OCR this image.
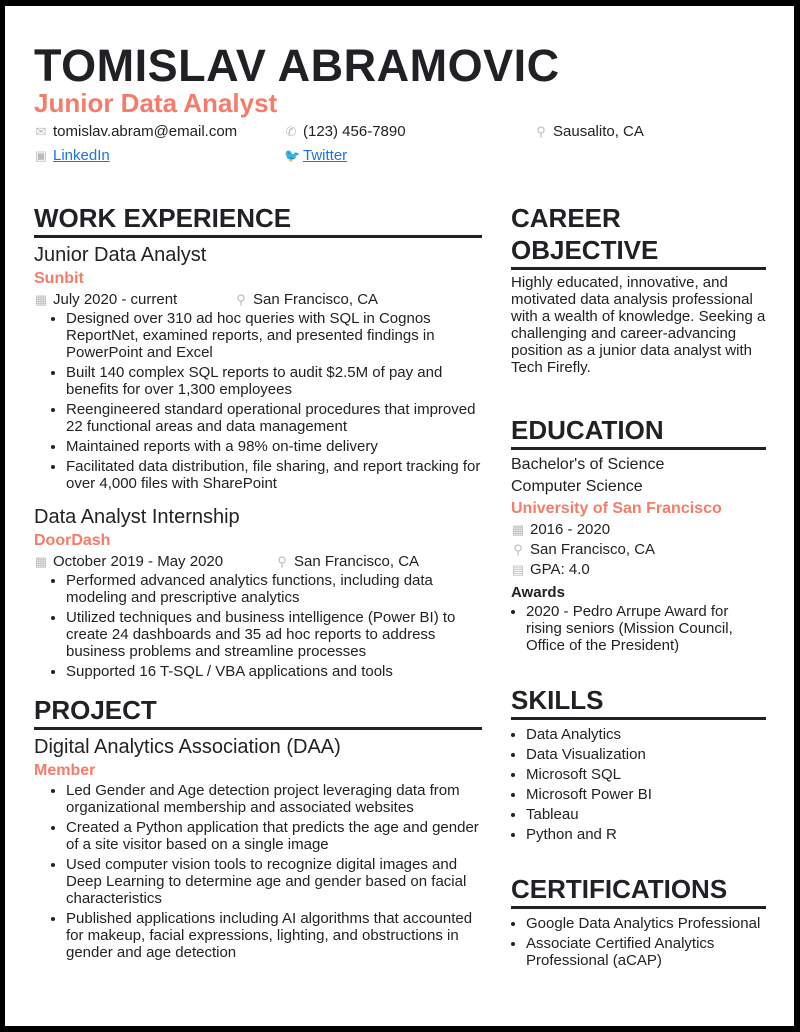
TOMISLAV ABRAMOVIC
Junior Data Analyst
✉ tomislav.abram@email.com	✆ (123) 456-7890	⚲ Sausalito, CA
▣ LinkedIn	🐦 Twitter
WORK EXPERIENCE
Junior Data Analyst
Sunbit
▦ July 2020 - current	⚲ San Francisco, CA
• Designed over 310 ad hoc queries with SQL in Cognos ReportNet, examined reports, and presented findings in PowerPoint and Excel
• Built 140 complex SQL reports to audit $2.5M of pay and benefits for over 1,300 employees
• Reengineered standard operational procedures that improved 22 functional areas and data management
• Maintained reports with a 98% on-time delivery
• Facilitated data distribution, file sharing, and report tracking for over 4,000 files with SharePoint
Data Analyst Internship
DoorDash
▦ October 2019 - May 2020	⚲ San Francisco, CA
• Performed advanced analytics functions, including data modeling and prescriptive analytics
• Utilized techniques and business intelligence (Power BI) to create 24 dashboards and 35 ad hoc reports to address business problems and streamline processes
• Supported 16 T-SQL / VBA applications and tools
PROJECT
Digital Analytics Association (DAA)
Member
• Led Gender and Age detection project leveraging data from organizational membership and associated websites
• Created a Python application that predicts the age and gender of a site visitor based on a single image
• Used computer vision tools to recognize digital images and Deep Learning to determine age and gender based on facial characteristics
• Published applications including AI algorithms that accounted for makeup, facial expressions, lighting, and obstructions in gender and age detection
CAREER OBJECTIVE

Highly educated, innovative, and motivated data analysis professional with a wealth of knowledge. Seeking a challenging and career-advancing position as a junior data analyst with Tech Firefly.

EDUCATION
Bachelor's of Science
Computer Science
University of San Francisco
▦ 2016 - 2020
⚲ San Francisco, CA
▤ GPA: 4.0
Awards
• 2020 - Pedro Arrupe Award for rising seniors (Mission Council, Office of the President)
SKILLS
• Data Analytics
• Data Visualization
• Microsoft SQL
• Microsoft Power BI
• Tableau
• Python and R
CERTIFICATIONS
• Google Data Analytics Professional
• Associate Certified Analytics Professional (aCAP)
